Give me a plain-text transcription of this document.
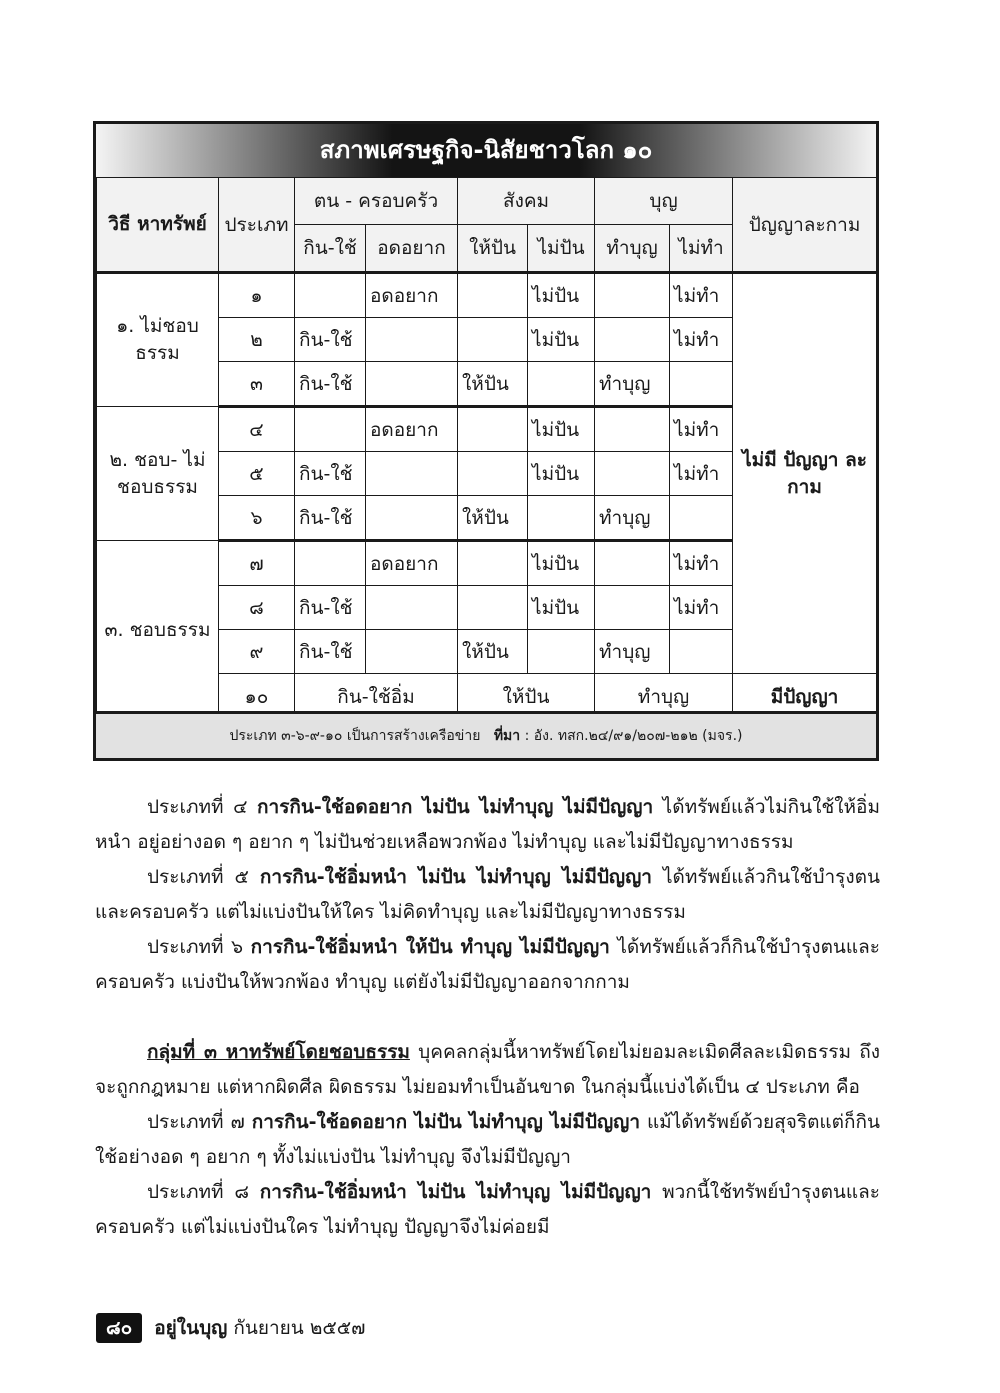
สภาพเศรษฐกิจ-นิสัยชาวโลก ๑๐
วิธี หาทรัพย์	ประเภท	ตน - ครอบครัว		สังคม		บุญ		ปัญญาละกาม
		กิน-ใช้	อดอยาก	ให้ปัน	ไม่ปัน	ทำบุญ	ไม่ทำ	
๑. ไม่ชอบ ธรรม	๑		อดอยาก		ไม่ปัน		ไม่ทำ	ไม่มี ปัญญา ละกาม
	๒	กิน-ใช้			ไม่ปัน		ไม่ทำ	
	๓	กิน-ใช้		ให้ปัน		ทำบุญ		
๒. ชอบ- ไม่ชอบธรรม	๔		อดอยาก		ไม่ปัน		ไม่ทำ	
	๕	กิน-ใช้			ไม่ปัน		ไม่ทำ	
	๖	กิน-ใช้		ให้ปัน		ทำบุญ		
๓. ชอบธรรม	๗		อดอยาก		ไม่ปัน		ไม่ทำ	
	๘	กิน-ใช้			ไม่ปัน		ไม่ทำ	
	๙	กิน-ใช้		ให้ปัน		ทำบุญ		
	๑๐	กิน-ใช้อิ่ม		ให้ปัน		ทำบุญ		มีปัญญา
ประเภท ๓-๖-๙-๑๐ เป็นการสร้างเครือข่าย ที่มา : อัง. ทสก.๒๔/๙๑/๒๐๗-๒๑๒ (มจร.)

ประเภทที่ ๔ การกิน-ใช้อดอยาก ไม่ปัน ไม่ทำบุญ ไม่มีปัญญา ได้ทรัพย์แล้วไม่กินใช้ให้อิ่มหนำ อยู่อย่างอด ๆ อยาก ๆ ไม่ปันช่วยเหลือพวกพ้อง ไม่ทำบุญ และไม่มีปัญญาทางธรรม

ประเภทที่ ๕ การกิน-ใช้อิ่มหนำ ไม่ปัน ไม่ทำบุญ ไม่มีปัญญา ได้ทรัพย์แล้วกินใช้บำรุงตนและครอบครัว แต่ไม่แบ่งปันให้ใคร ไม่คิดทำบุญ และไม่มีปัญญาทางธรรม

ประเภทที่ ๖ การกิน-ใช้อิ่มหนำ ให้ปัน ทำบุญ ไม่มีปัญญา ได้ทรัพย์แล้วก็กินใช้บำรุงตนและครอบครัว แบ่งปันให้พวกพ้อง ทำบุญ แต่ยังไม่มีปัญญาออกจากกาม

กลุ่มที่ ๓ หาทรัพย์โดยชอบธรรม บุคคลกลุ่มนี้หาทรัพย์โดยไม่ยอมละเมิดศีลละเมิดธรรม ถึงจะถูกกฎหมาย แต่หากผิดศีล ผิดธรรม ไม่ยอมทำเป็นอันขาด ในกลุ่มนี้แบ่งได้เป็น ๔ ประเภท คือ

ประเภทที่ ๗ การกิน-ใช้อดอยาก ไม่ปัน ไม่ทำบุญ ไม่มีปัญญา แม้ได้ทรัพย์ด้วยสุจริตแต่ก็กินใช้อย่างอด ๆ อยาก ๆ ทั้งไม่แบ่งปัน ไม่ทำบุญ จึงไม่มีปัญญา

ประเภทที่ ๘ การกิน-ใช้อิ่มหนำ ไม่ปัน ไม่ทำบุญ ไม่มีปัญญา พวกนี้ใช้ทรัพย์บำรุงตนและครอบครัว แต่ไม่แบ่งปันใคร ไม่ทำบุญ ปัญญาจึงไม่ค่อยมี

๘๐	อยู่ในบุญ กันยายน ๒๕๕๗
